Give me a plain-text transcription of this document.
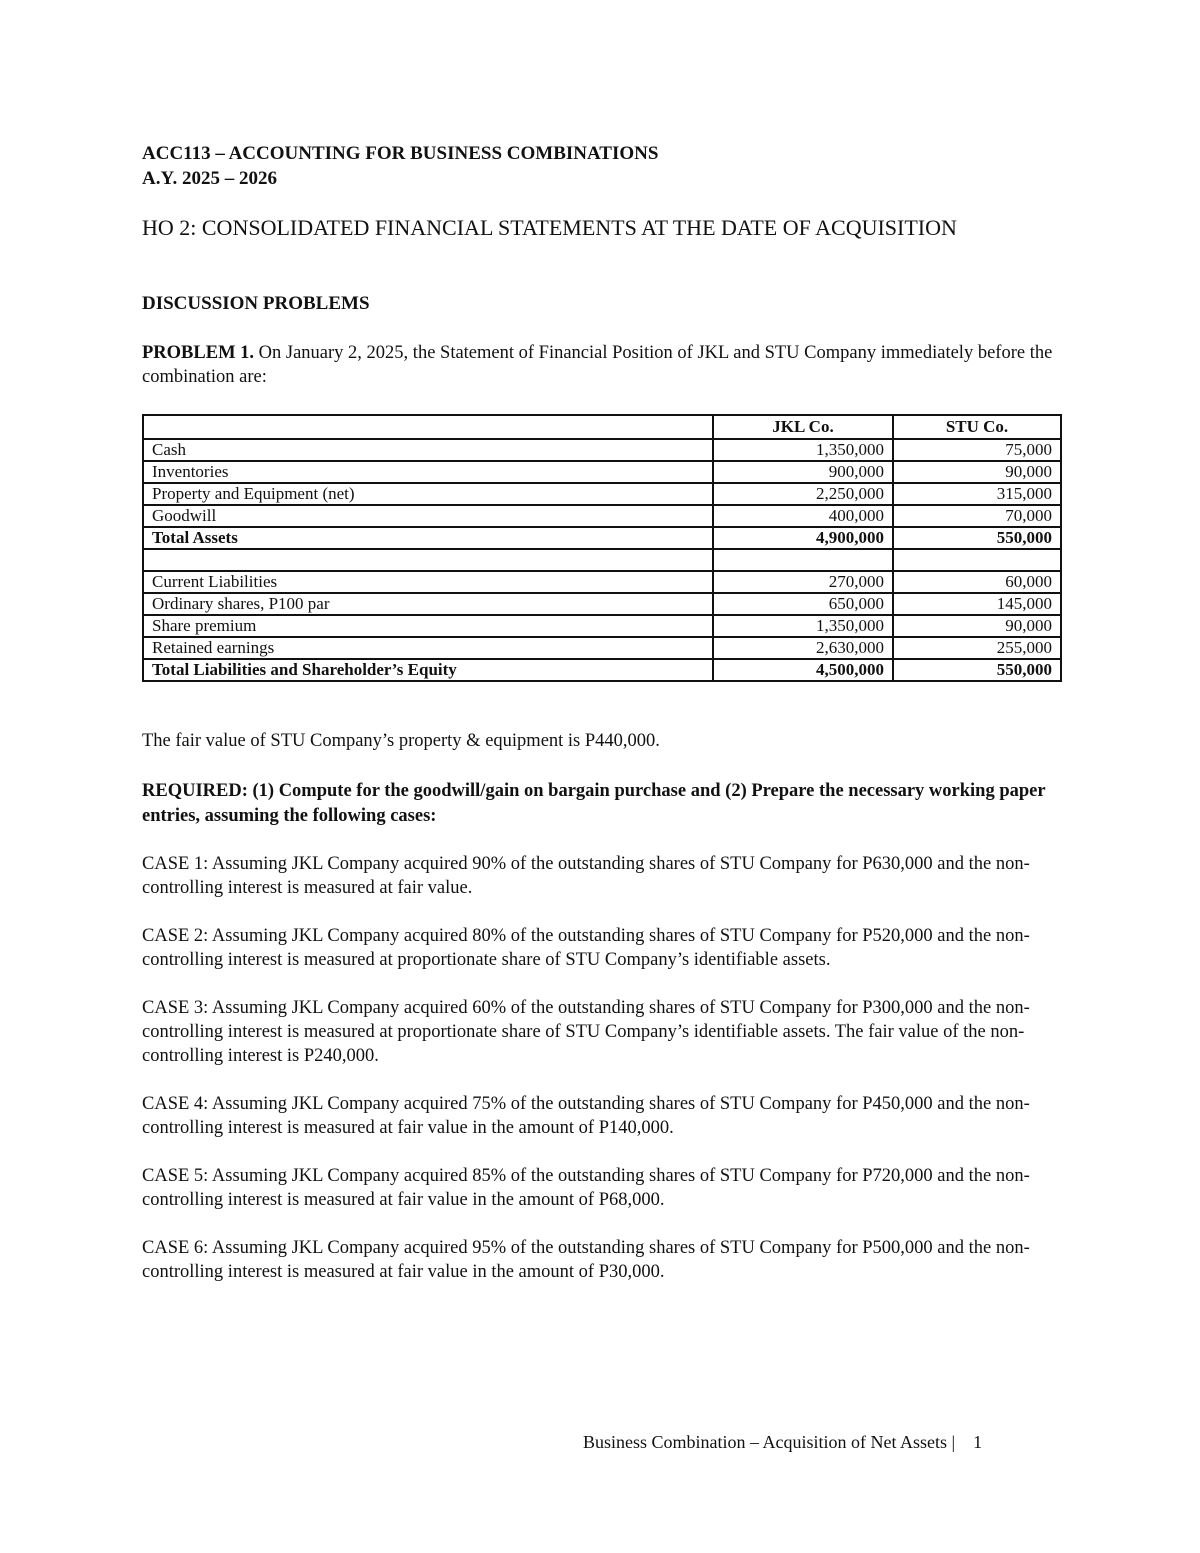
ACC113 – ACCOUNTING FOR BUSINESS COMBINATIONS
A.Y. 2025 – 2026
HO 2: CONSOLIDATED FINANCIAL STATEMENTS AT THE DATE OF ACQUISITION
DISCUSSION PROBLEMS
PROBLEM 1. On January 2, 2025, the Statement of Financial Position of JKL and STU Company immediately before the combination are:
	JKL Co.	STU Co.
Cash	1,350,000	75,000
Inventories	900,000	90,000
Property and Equipment (net)	2,250,000	315,000
Goodwill	400,000	70,000
Total Assets	4,900,000	550,000

Current Liabilities	270,000	60,000
Ordinary shares, P100 par	650,000	145,000
Share premium	1,350,000	90,000
Retained earnings	2,630,000	255,000
Total Liabilities and Shareholder’s Equity	4,500,000	550,000
The fair value of STU Company’s property & equipment is P440,000.
REQUIRED: (1) Compute for the goodwill/gain on bargain purchase and (2) Prepare the necessary working paper entries, assuming the following cases:
CASE 1: Assuming JKL Company acquired 90% of the outstanding shares of STU Company for P630,000 and the non-controlling interest is measured at fair value.
CASE 2: Assuming JKL Company acquired 80% of the outstanding shares of STU Company for P520,000 and the non-controlling interest is measured at proportionate share of STU Company’s identifiable assets.
CASE 3: Assuming JKL Company acquired 60% of the outstanding shares of STU Company for P300,000 and the non-controlling interest is measured at proportionate share of STU Company’s identifiable assets. The fair value of the non-controlling interest is P240,000.
CASE 4: Assuming JKL Company acquired 75% of the outstanding shares of STU Company for P450,000 and the non-controlling interest is measured at fair value in the amount of P140,000.
CASE 5: Assuming JKL Company acquired 85% of the outstanding shares of STU Company for P720,000 and the non-controlling interest is measured at fair value in the amount of P68,000.
CASE 6: Assuming JKL Company acquired 95% of the outstanding shares of STU Company for P500,000 and the non-controlling interest is measured at fair value in the amount of P30,000.
Business Combination – Acquisition of Net Assets | 1
